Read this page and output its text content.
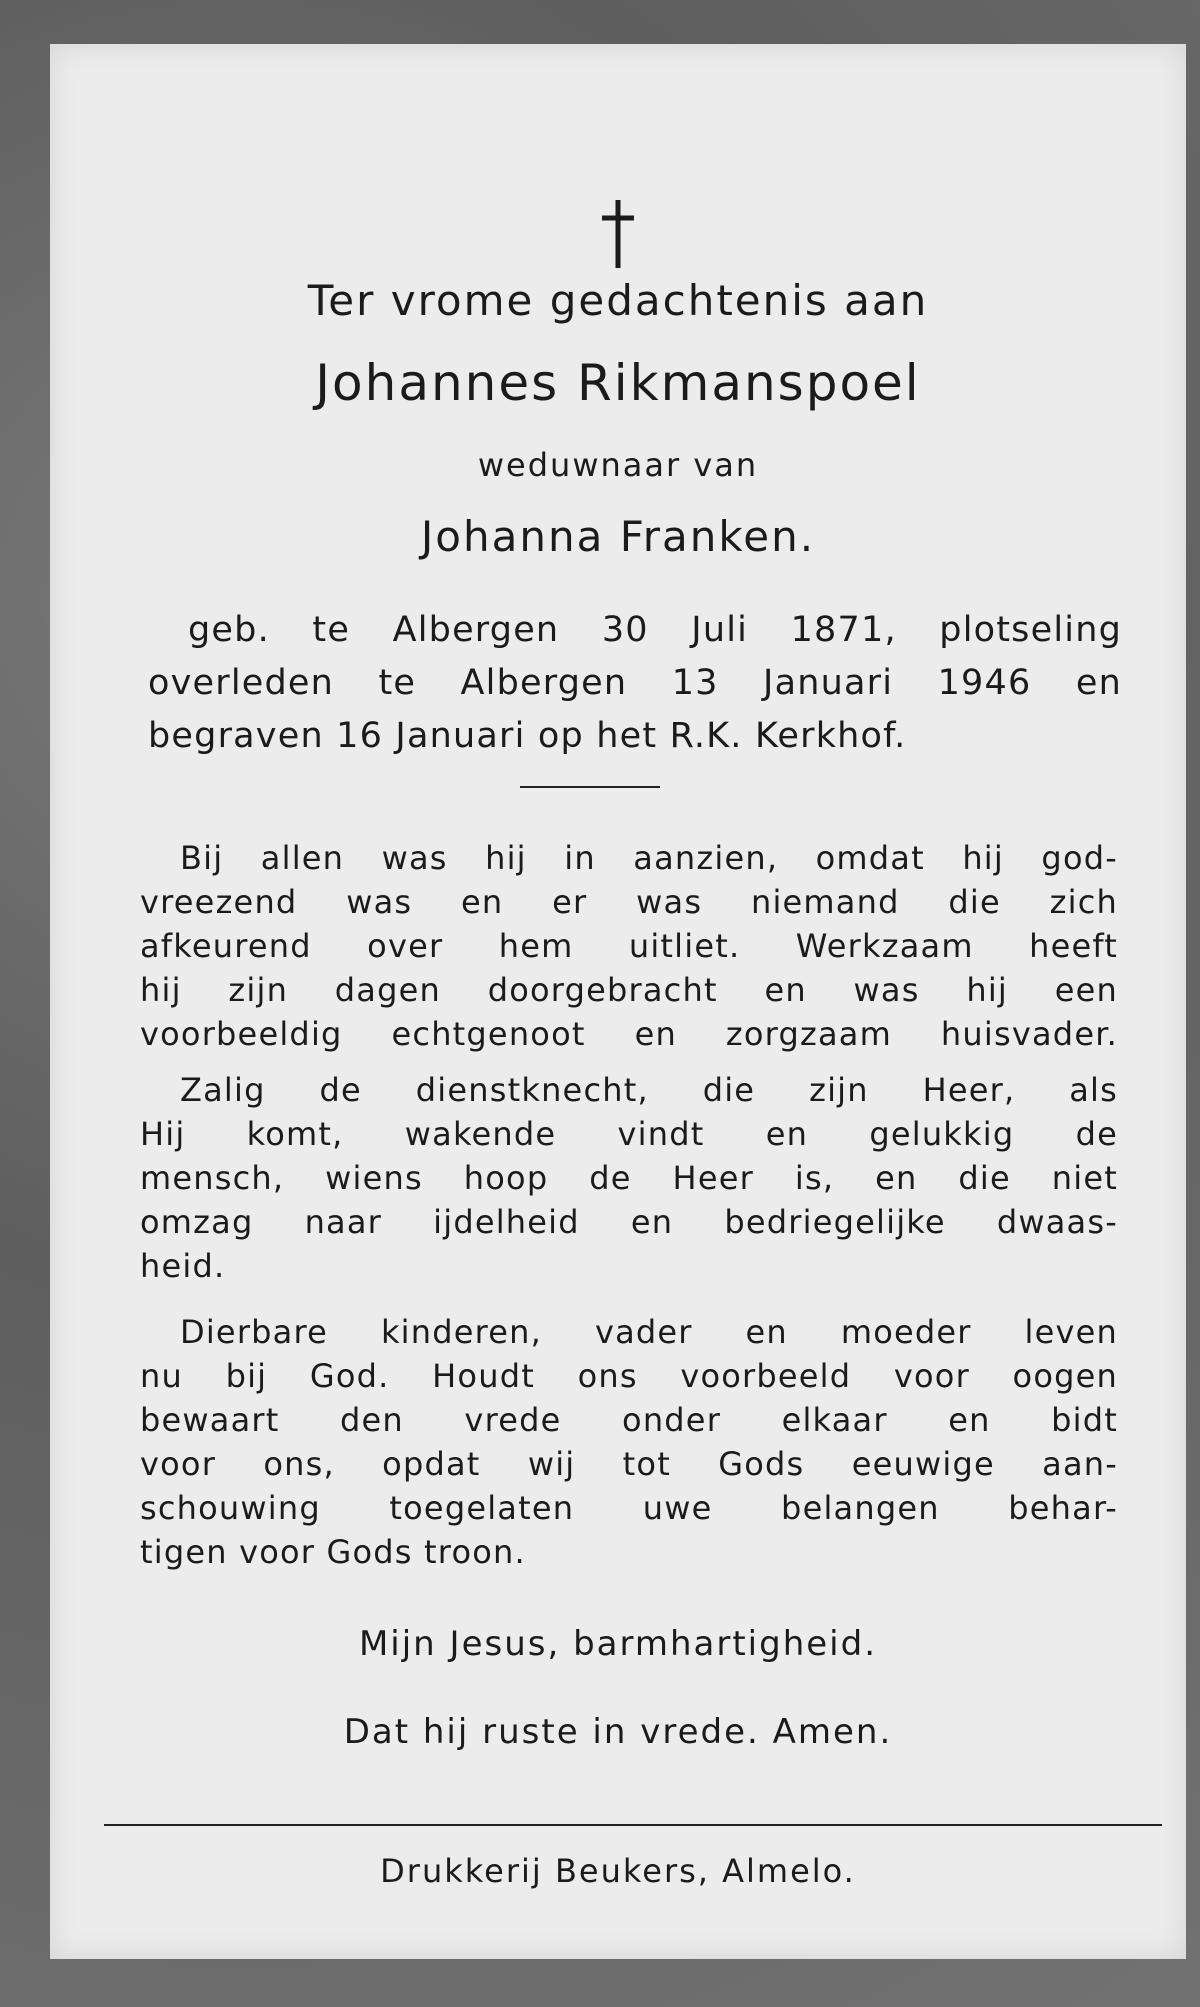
Ter vrome gedachtenis aan
Johannes Rikmanspoel
weduwnaar van
Johanna Franken.
geb. te Albergen 30 Juli 1871, plotseling
overleden te Albergen 13 Januari 1946 en
begraven 16 Januari op het R.K. Kerkhof.
Bij allen was hij in aanzien, omdat hij god-
vreezend was en er was niemand die zich
afkeurend over hem uitliet. Werkzaam heeft
hij zijn dagen doorgebracht en was hij een
voorbeeldig echtgenoot en zorgzaam huisvader.
Zalig de dienstknecht, die zijn Heer, als
Hij komt, wakende vindt en gelukkig de
mensch, wiens hoop de Heer is, en die niet
omzag naar ijdelheid en bedriegelijke dwaas-
heid.
Dierbare kinderen, vader en moeder leven
nu bij God. Houdt ons voorbeeld voor oogen
bewaart den vrede onder elkaar en bidt
voor ons, opdat wij tot Gods eeuwige aan-
schouwing toegelaten uwe belangen behar-
tigen voor Gods troon.
Mijn Jesus, barmhartigheid.
Dat hij ruste in vrede. Amen.
Drukkerij Beukers, Almelo.
